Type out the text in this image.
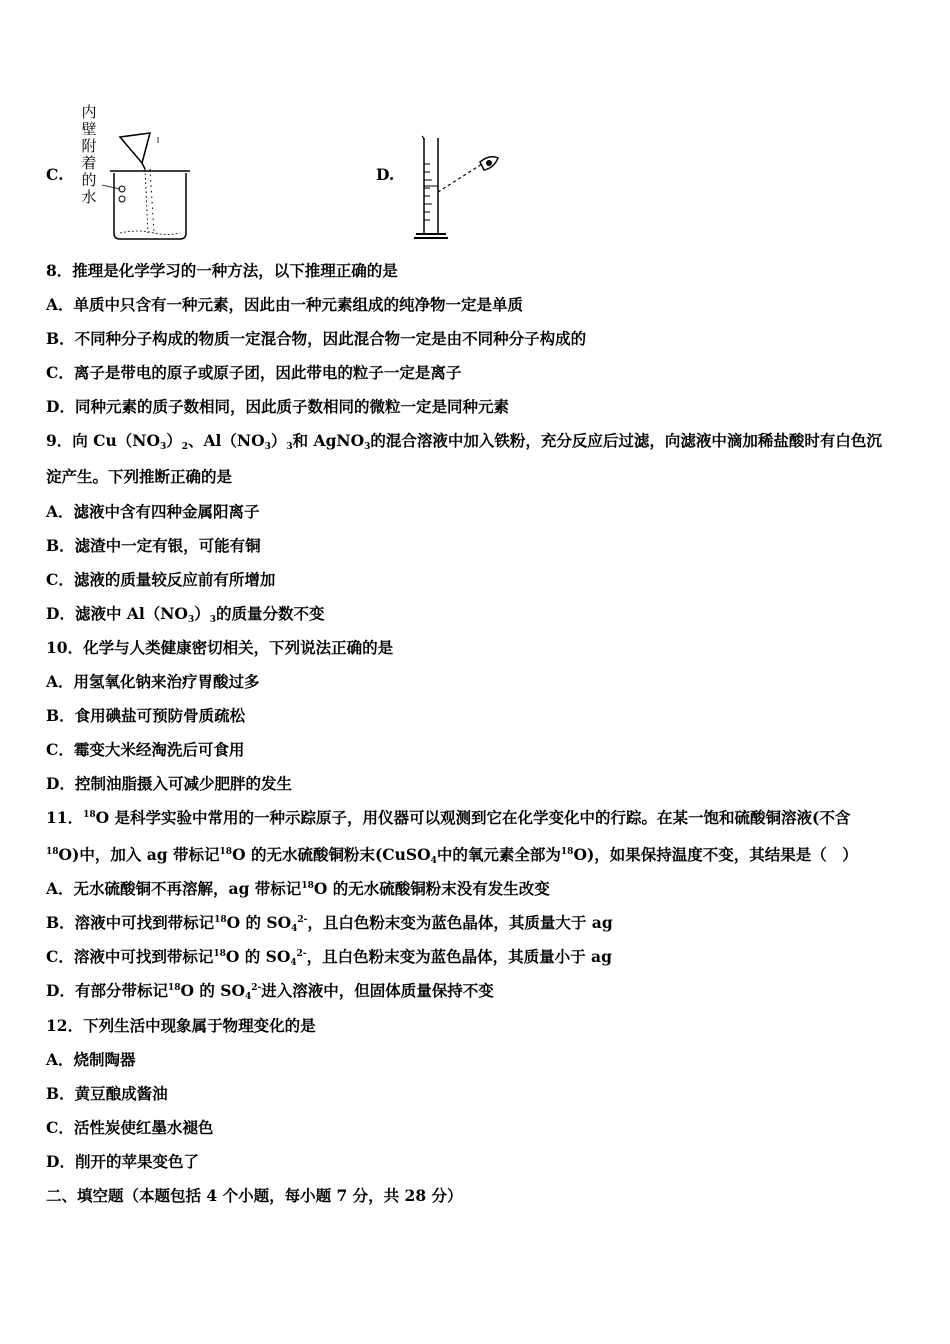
C.
内
壁
附
着
的
水
D.
8．推理是化学学习的一种方法，以下推理正确的是
A．单质中只含有一种元素，因此由一种元素组成的纯净物一定是单质
B．不同种分子构成的物质一定混合物，因此混合物一定是由不同种分子构成的
C．离子是带电的原子或原子团，因此带电的粒子一定是离子
D．同种元素的质子数相同，因此质子数相同的微粒一定是同种元素
9．向 $Cu(NO_3)_2$、$Al(NO_3)_3$和 AgNO$_3$的混合溶液中加入铁粉，充分反应后过滤，向滤液中滴加稀盐酸时有白色沉
淀产生。下列推断正确的是
A．滤液中含有四种金属阳离子
B．滤渣中一定有银，可能有铜
C．滤液的质量较反应前有所增加
D．滤液中 $Al(NO_3)_3$的质量分数不变
10．化学与人类健康密切相关，下列说法正确的是
A．用氢氧化钠来治疗胃酸过多
B．食用碘盐可预防骨质疏松
C．霉变大米经淘洗后可食用
D．控制油脂摄入可减少肥胖的发生
11．$^{18}$O 是科学实验中常用的一种示踪原子，用仪器可以观测到它在化学变化中的行踪。在某一饱和硫酸铜溶液(不含
$^{18}$O)中，加入 ag 带标记$^{18}$O 的无水硫酸铜粉末(CuSO$_4$中的氧元素全部为$^{18}$O)，如果保持温度不变，其结果是（　）
A．无水硫酸铜不再溶解，ag 带标记$^{18}$O 的无水硫酸铜粉末没有发生改变
B．溶液中可找到带标记$^{18}$O 的 $SO_4^{2-}$，且白色粉末变为蓝色晶体，其质量大于 ag
C．溶液中可找到带标记$^{18}$O 的 $SO_4^{2-}$，且白色粉末变为蓝色晶体，其质量小于 ag
D．有部分带标记$^{18}$O 的 $SO_4^{2-}$进入溶液中，但固体质量保持不变
12．下列生活中现象属于物理变化的是
A．烧制陶器
B．黄豆酿成酱油
C．活性炭使红墨水褪色
D．削开的苹果变色了
二、填空题（本题包括 4 个小题，每小题 7 分，共 28 分）
